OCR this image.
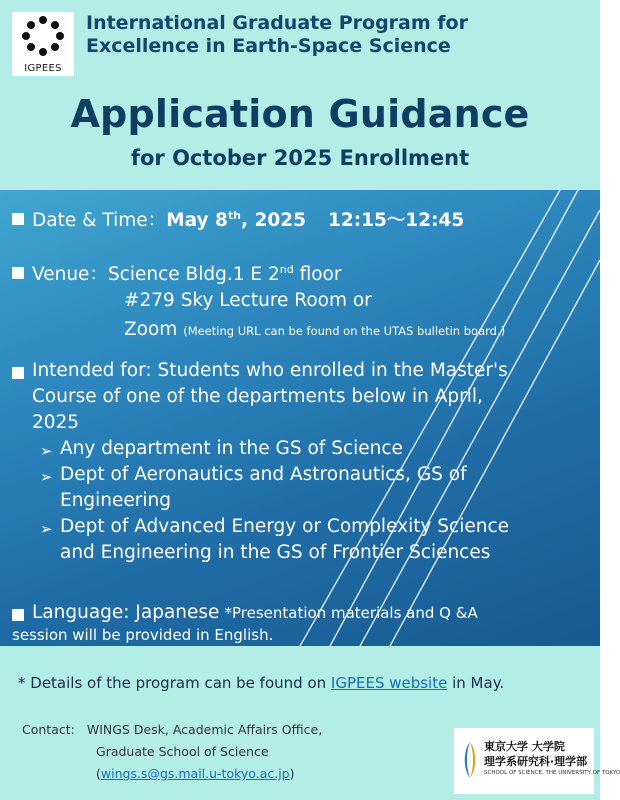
IGPEES
International Graduate Program for
Excellence in Earth-Space Science
Application Guidance
for October 2025 Enrollment
Date & Time：May 8th, 2025 12:15～12:45
Venue：Science Bldg.1 E 2nd floor
#279 Sky Lecture Room or
Zoom (Meeting URL can be found on the UTAS bulletin board.)
Intended for: Students who enrolled in the Master's
Course of one of the departments below in April,
2025
➢ Any department in the GS of Science
➢ Dept of Aeronautics and Astronautics, GS of
Engineering
➢ Dept of Advanced Energy or Complexity Science
and Engineering in the GS of Frontier Sciences
Language: Japanese *Presentation materials and Q &A
session will be provided in English.
* Details of the program can be found on IGPEES website in May.
Contact: WINGS Desk, Academic Affairs Office,
Graduate School of Science
(wings.s@gs.mail.u-tokyo.ac.jp)
東京大学 大学院
理学系研究科·理学部
SCHOOL OF SCIENCE, THE UNIVERSITY OF TOKYO
